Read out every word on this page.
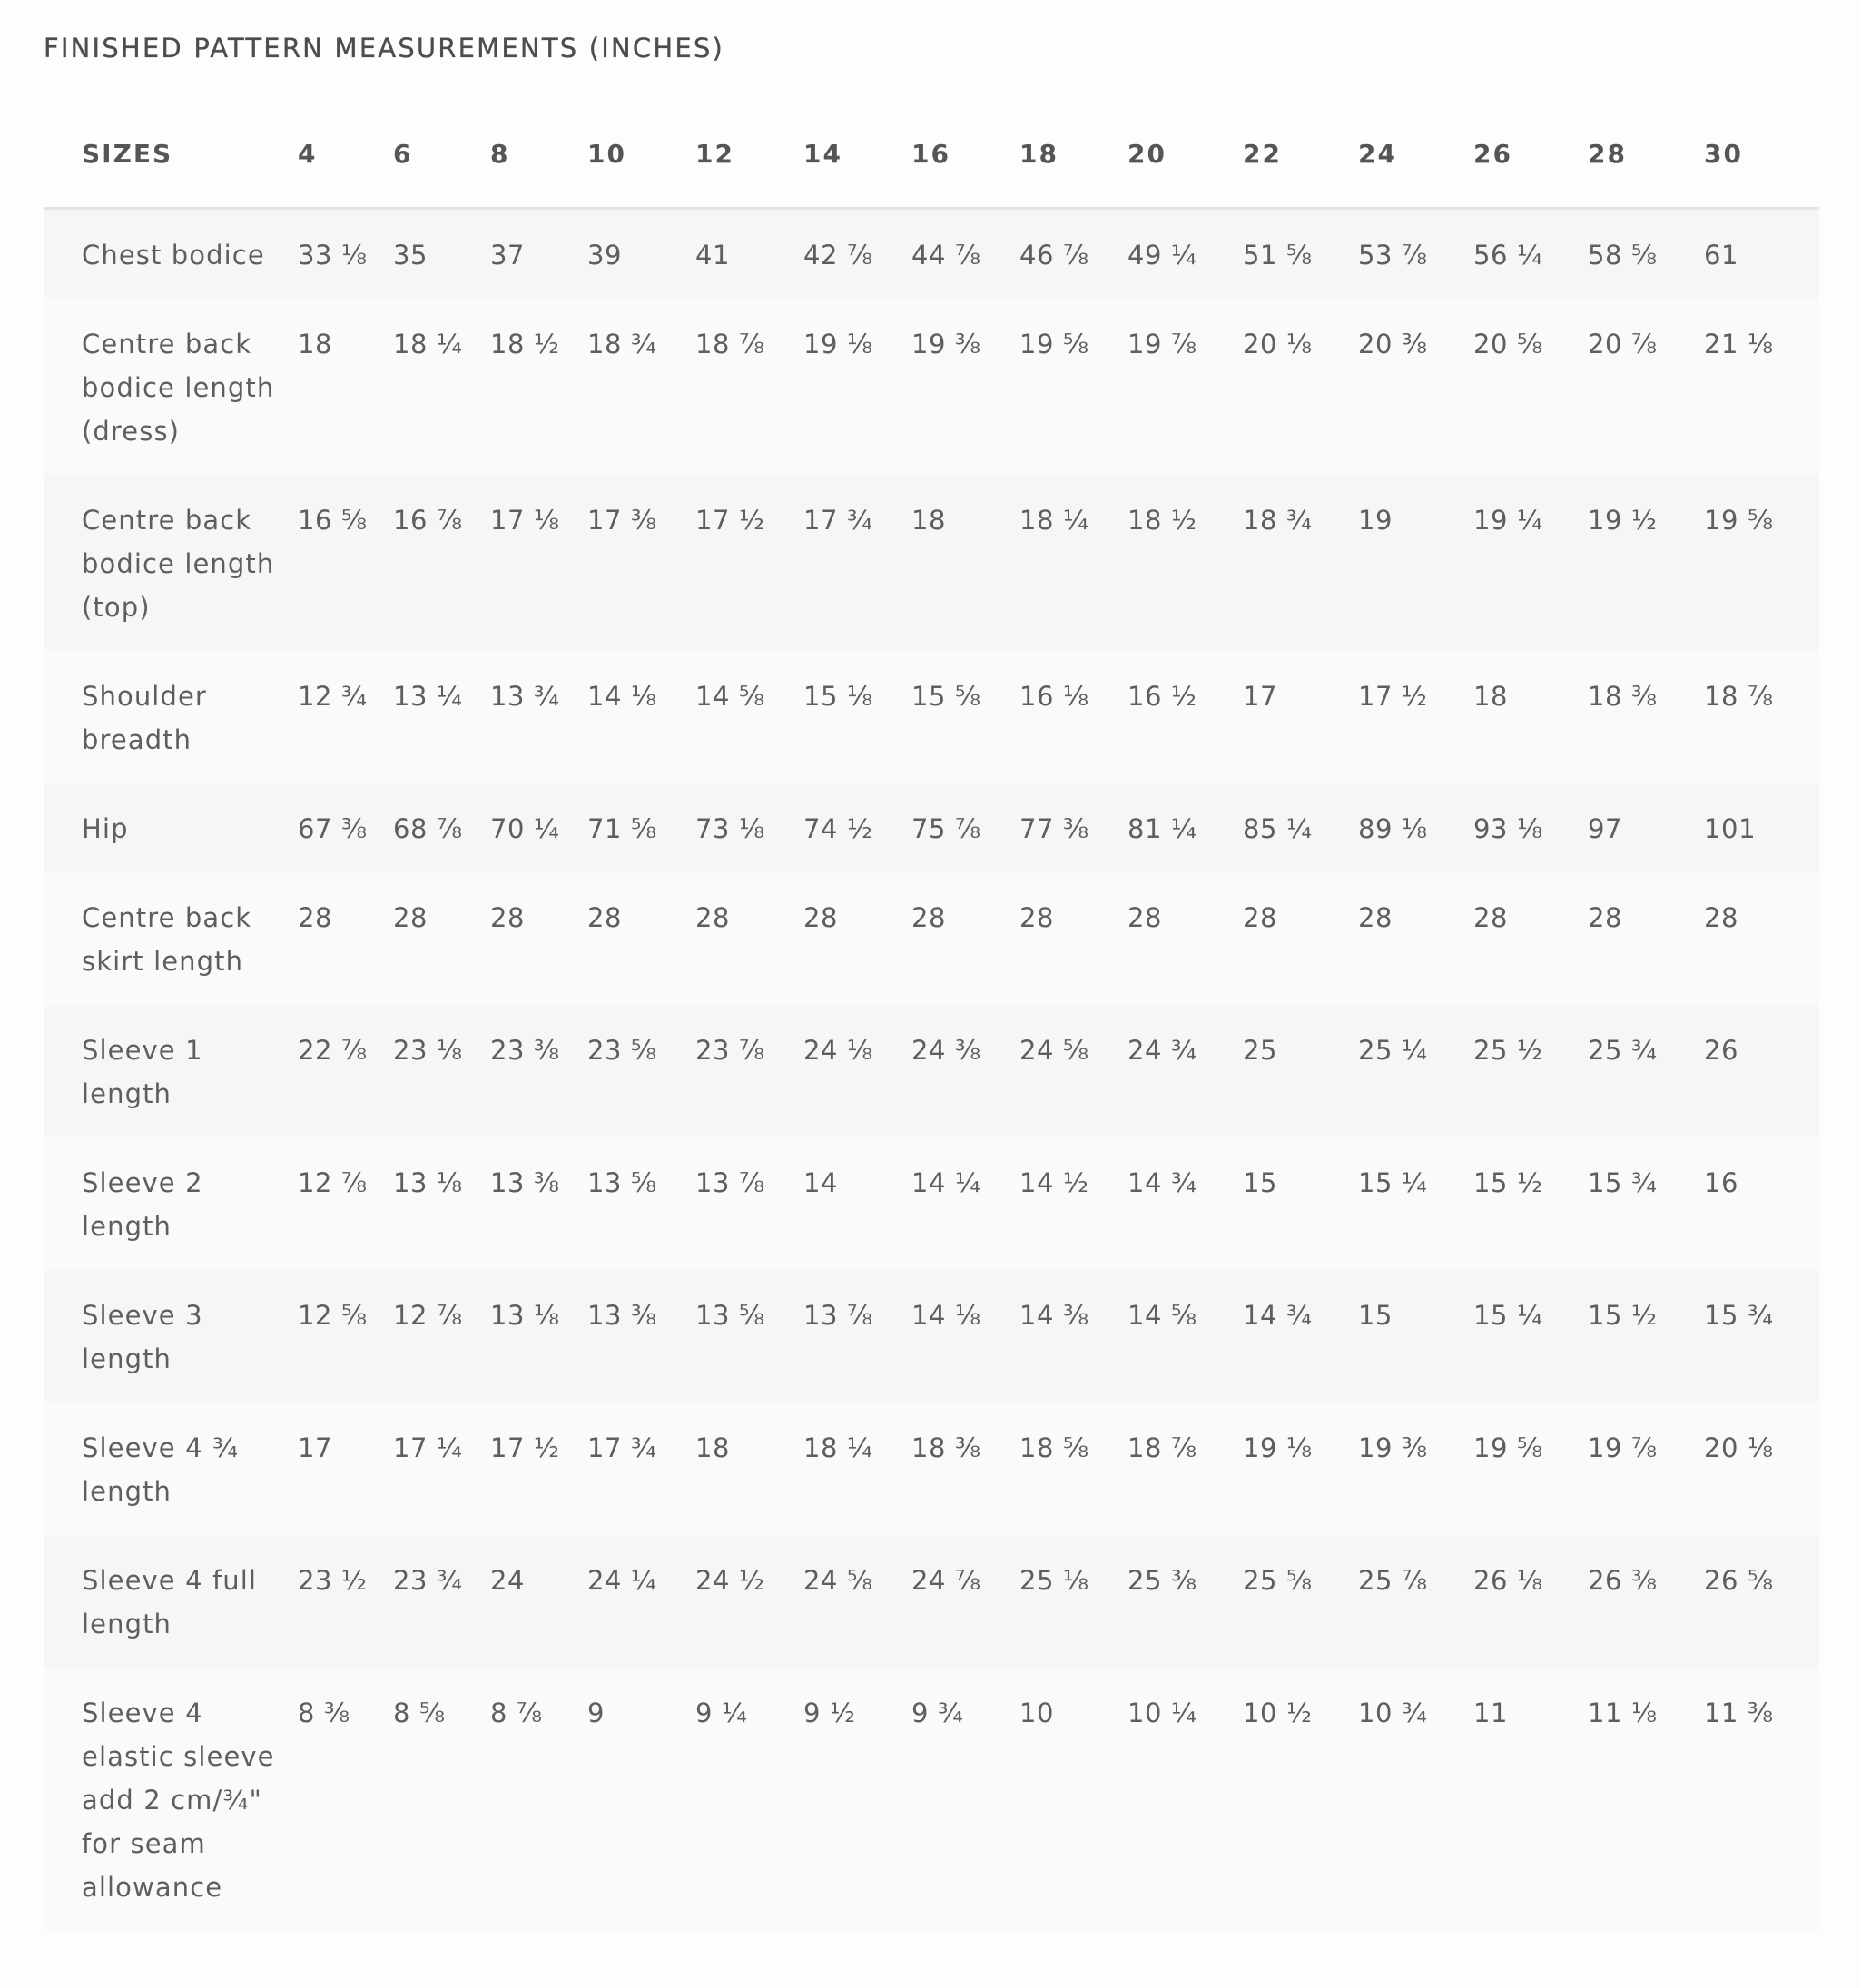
FINISHED PATTERN MEASUREMENTS (INCHES)
SIZES	4	6	8	10	12	14	16	18	20	22	24	26	28	30
Chest bodice	33 ⅛	35	37	39	41	42 ⅞	44 ⅞	46 ⅞	49 ¼	51 ⅝	53 ⅞	56 ¼	58 ⅝	61
Centre back bodice length (dress)	18	18 ¼	18 ½	18 ¾	18 ⅞	19 ⅛	19 ⅜	19 ⅝	19 ⅞	20 ⅛	20 ⅜	20 ⅝	20 ⅞	21 ⅛
Centre back bodice length (top)	16 ⅝	16 ⅞	17 ⅛	17 ⅜	17 ½	17 ¾	18	18 ¼	18 ½	18 ¾	19	19 ¼	19 ½	19 ⅝
Shoulder breadth	12 ¾	13 ¼	13 ¾	14 ⅛	14 ⅝	15 ⅛	15 ⅝	16 ⅛	16 ½	17	17 ½	18	18 ⅜	18 ⅞
Hip	67 ⅜	68 ⅞	70 ¼	71 ⅝	73 ⅛	74 ½	75 ⅞	77 ⅜	81 ¼	85 ¼	89 ⅛	93 ⅛	97	101
Centre back skirt length	28	28	28	28	28	28	28	28	28	28	28	28	28	28
Sleeve 1 length	22 ⅞	23 ⅛	23 ⅜	23 ⅝	23 ⅞	24 ⅛	24 ⅜	24 ⅝	24 ¾	25	25 ¼	25 ½	25 ¾	26
Sleeve 2 length	12 ⅞	13 ⅛	13 ⅜	13 ⅝	13 ⅞	14	14 ¼	14 ½	14 ¾	15	15 ¼	15 ½	15 ¾	16
Sleeve 3 length	12 ⅝	12 ⅞	13 ⅛	13 ⅜	13 ⅝	13 ⅞	14 ⅛	14 ⅜	14 ⅝	14 ¾	15	15 ¼	15 ½	15 ¾
Sleeve 4 ¾ length	17	17 ¼	17 ½	17 ¾	18	18 ¼	18 ⅜	18 ⅝	18 ⅞	19 ⅛	19 ⅜	19 ⅝	19 ⅞	20 ⅛
Sleeve 4 full length	23 ½	23 ¾	24	24 ¼	24 ½	24 ⅝	24 ⅞	25 ⅛	25 ⅜	25 ⅝	25 ⅞	26 ⅛	26 ⅜	26 ⅝
Sleeve 4 elastic sleeve add 2 cm/¾" for seam allowance	8 ⅜	8 ⅝	8 ⅞	9	9 ¼	9 ½	9 ¾	10	10 ¼	10 ½	10 ¾	11	11 ⅛	11 ⅜
